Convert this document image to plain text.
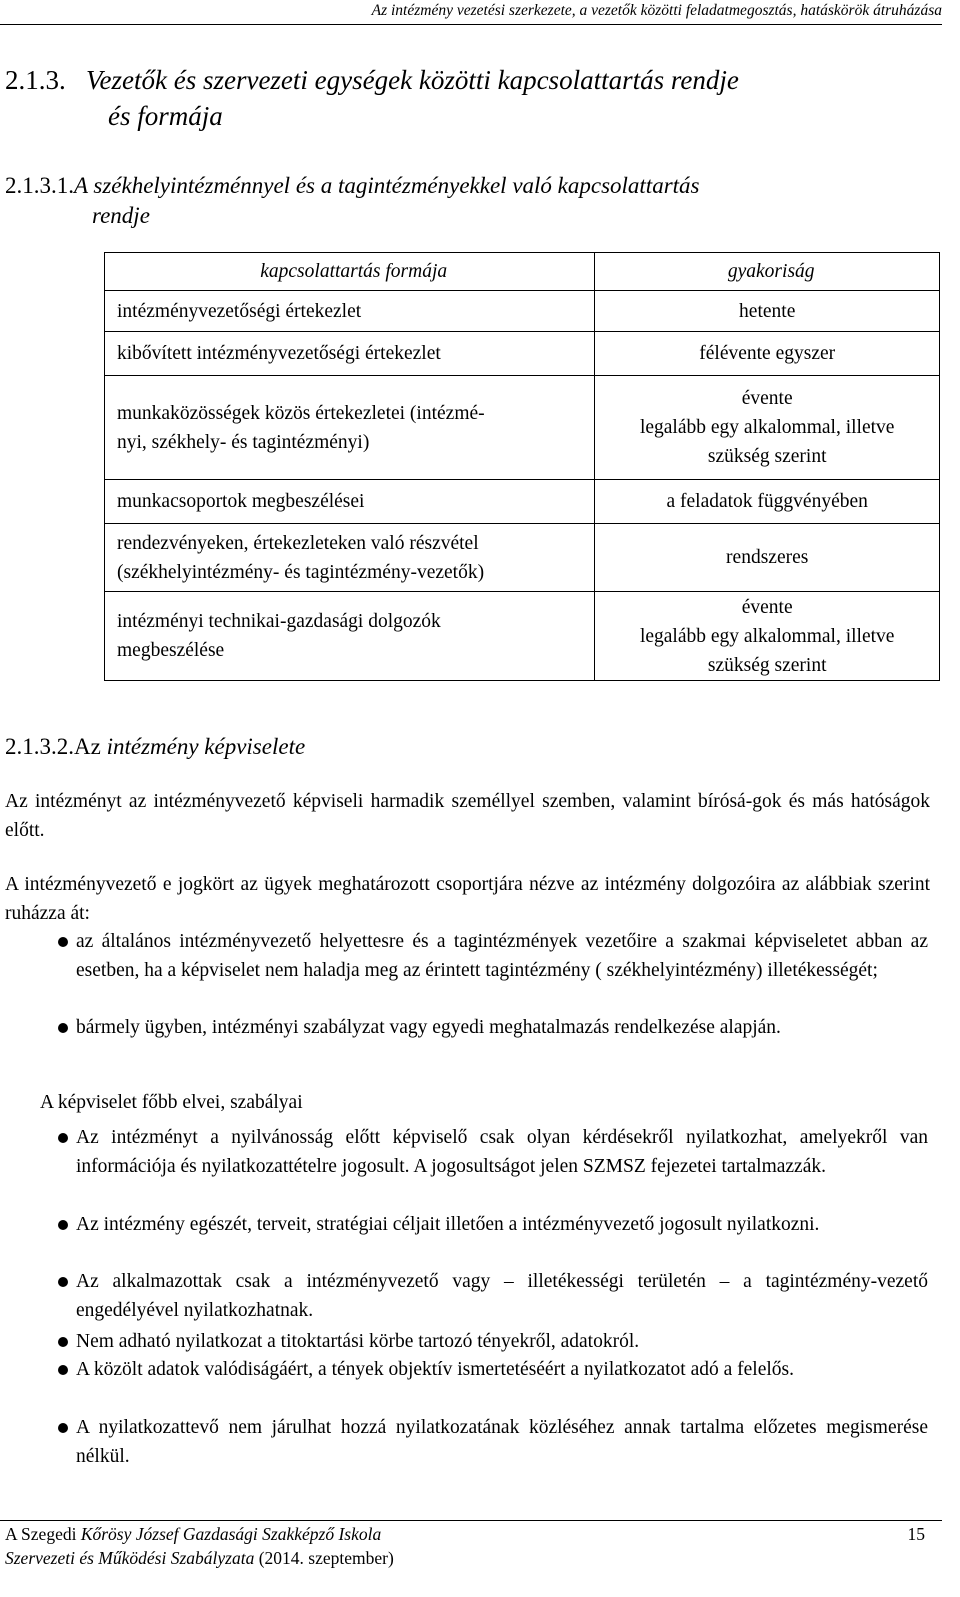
Az intézmény vezetési szerkezete, a vezetők közötti feladatmegosztás, hatáskörök átruházása
2.1.3. Vezetők és szervezeti egységek közötti kapcsolattartás rendje
és formája
2.1.3.1.A székhelyintézménnyel és a tagintézményekkel való kapcsolattartás
rendje
kapcsolattartás formája	gyakoriság
intézményvezetőségi értekezlet	hetente
kibővített intézményvezetőségi értekezlet	félévente egyszer
munkaközösségek közös értekezletei (intézmé-
nyi, székhely- és tagintézményi)	évente
legalább egy alkalommal, illetve
szükség szerint
munkacsoportok megbeszélései	a feladatok függvényében
rendezvényeken, értekezleteken való részvétel
(székhelyintézmény- és tagintézmény-vezetők)	rendszeres
intézményi technikai-gazdasági dolgozók
megbeszélése	évente
legalább egy alkalommal, illetve
szükség szerint
2.1.3.2.Az intézmény képviselete
Az intézményt az intézményvezető képviseli harmadik személlyel szemben, valamint bírósá-gok és más hatóságok előtt.
A intézményvezető e jogkört az ügyek meghatározott csoportjára nézve az intézmény dolgozóira az alábbiak szerint ruházza át:
az általános intézményvezető helyettesre és a tagintézmények vezetőire a szakmai képviseletet abban az esetben, ha a képviselet nem haladja meg az érintett tagintézmény ( székhelyintézmény) illetékességét;
bármely ügyben, intézményi szabályzat vagy egyedi meghatalmazás rendelkezése alapján.
A képviselet főbb elvei, szabályai
Az intézményt a nyilvánosság előtt képviselő csak olyan kérdésekről nyilatkozhat, amelyekről van információja és nyilatkozattételre jogosult. A jogosultságot jelen SZMSZ fejezetei tartalmazzák.
Az intézmény egészét, terveit, stratégiai céljait illetően a intézményvezető jogosult nyilatkozni.
Az alkalmazottak csak a intézményvezető vagy – illetékességi területén – a tagintézmény-vezető engedélyével nyilatkozhatnak.
Nem adható nyilatkozat a titoktartási körbe tartozó tényekről, adatokról.
A közölt adatok valódiságáért, a tények objektív ismertetéséért a nyilatkozatot adó a felelős.
A nyilatkozattevő nem járulhat hozzá nyilatkozatának közléséhez annak tartalma előzetes megismerése nélkül.
A Szegedi Kőrösy József Gazdasági Szakképző Iskola	15
Szervezeti és Működési Szabályzata (2014. szeptember)
